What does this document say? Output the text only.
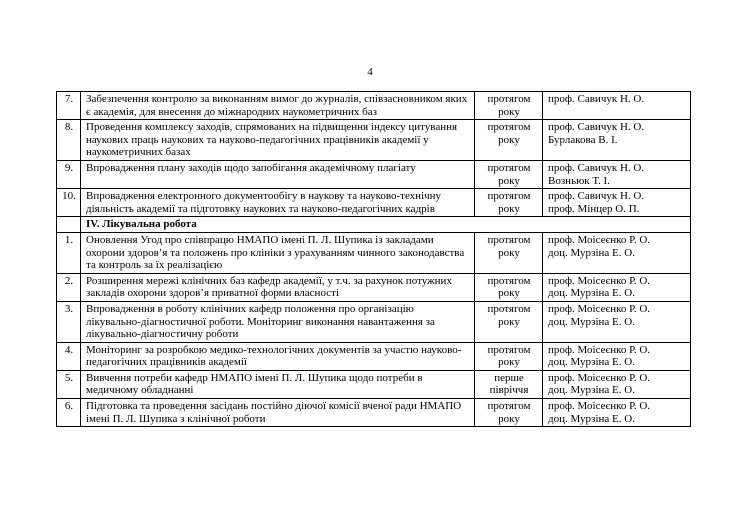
4
7.	Забезпечення контролю за виконанням вимог до журналів, співзасновником яких є академія, для внесення до міжнародних наукометричних баз	протягом року	проф. Савичук Н. О.

8.	Проведення комплексу заходів, спрямованих на підвищення індексу цитування наукових праць наукових та науково-педагогічних працівників академії у наукометричних базах	протягом року	проф. Савичук Н. О.
Бурлакова В. І.

9.	Впровадження плану заходів щодо запобігання академічному плагіату	протягом року	проф. Савичук Н. О.
Возньюк Т. І.

10.	Впровадження електронного документообігу в наукову та науково-технічну діяльність академії та підготовку наукових та науково-педагогічних кадрів	протягом року	проф. Савичук Н. О.
проф. Мінцер О. П.

	IV. Лікувальна робота		
1.	Оновлення Угод про співпрацю НМАПО імені П. Л. Шупика із закладами охорони здоров’я та положень про клініки з урахуванням чинного законодавства та контроль за їх реалізацією	протягом року	проф. Моісеєнко Р. О.
доц. Мурзіна Е. О.

2.	Розширення мережі клінічних баз кафедр академії, у т.ч. за рахунок потужних закладів охорони здоров’я приватної форми власності	протягом року	проф. Моісеєнко Р. О.
доц. Мурзіна Е. О.

3.	Впровадження в роботу клінічних кафедр положення про організацію лікувально-діагностичної роботи. Моніторинг виконання навантаження за лікувально-діагностичну роботи	протягом року	проф. Моісеєнко Р. О.
доц. Мурзіна Е. О.

4.	Моніторинг за розробкою медико-технологічних документів за участю науково-педагогічних працівників академії	протягом року	проф. Моісеєнко Р. О.
доц. Мурзіна Е. О.

5.	Вивчення потреби кафедр НМАПО імені П. Л. Шупика щодо потреби в медичному обладнанні	перше півріччя	проф. Моісеєнко Р. О.
доц. Мурзіна Е. О.

6.	Підготовка та проведення засідань постійно діючої комісії вченої ради НМАПО імені П. Л. Шупика з клінічної роботи	протягом року	проф. Моісеєнко Р. О.
доц. Мурзіна Е. О.
